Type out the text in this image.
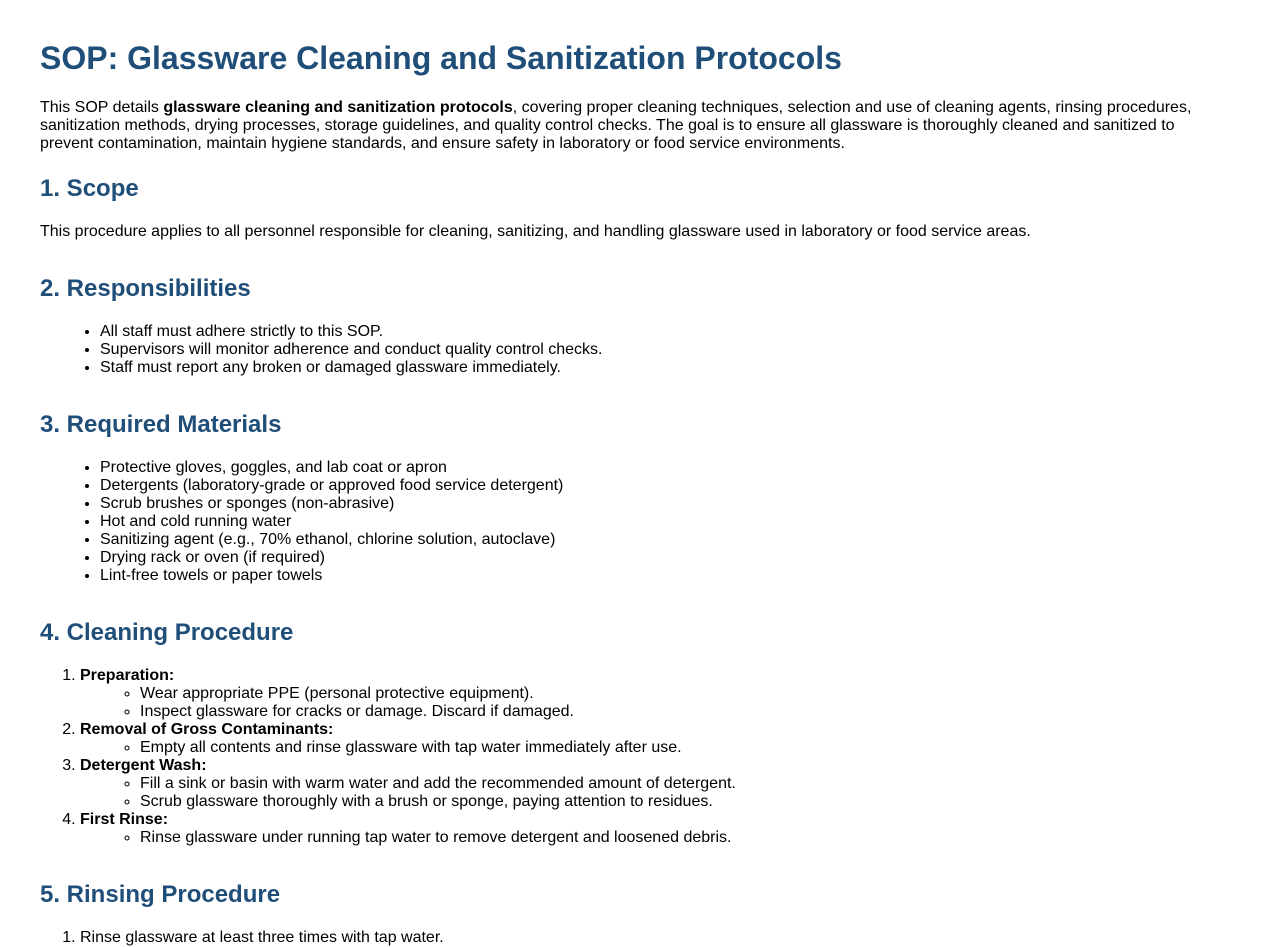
SOP: Glassware Cleaning and Sanitization Protocols

This SOP details glassware cleaning and sanitization protocols, covering proper cleaning techniques, selection and use of cleaning agents, rinsing procedures, sanitization methods, drying processes, storage guidelines, and quality control checks. The goal is to ensure all glassware is thoroughly cleaned and sanitized to prevent contamination, maintain hygiene standards, and ensure safety in laboratory or food service environments.

1. Scope

This procedure applies to all personnel responsible for cleaning, sanitizing, and handling glassware used in laboratory or food service areas.

2. Responsibilities
• All staff must adhere strictly to this SOP.
• Supervisors will monitor adherence and conduct quality control checks.
• Staff must report any broken or damaged glassware immediately.
3. Required Materials
• Protective gloves, goggles, and lab coat or apron
• Detergents (laboratory-grade or approved food service detergent)
• Scrub brushes or sponges (non-abrasive)
• Hot and cold running water
• Sanitizing agent (e.g., 70% ethanol, chlorine solution, autoclave)
• Drying rack or oven (if required)
• Lint-free towels or paper towels
4. Cleaning Procedure
1. Preparation:
◦ Wear appropriate PPE (personal protective equipment).
◦ Inspect glassware for cracks or damage. Discard if damaged.
2. Removal of Gross Contaminants:
◦ Empty all contents and rinse glassware with tap water immediately after use.
3. Detergent Wash:
◦ Fill a sink or basin with warm water and add the recommended amount of detergent.
◦ Scrub glassware thoroughly with a brush or sponge, paying attention to residues.
4. First Rinse:
◦ Rinse glassware under running tap water to remove detergent and loosened debris.
5. Rinsing Procedure
1. Rinse glassware at least three times with tap water.
